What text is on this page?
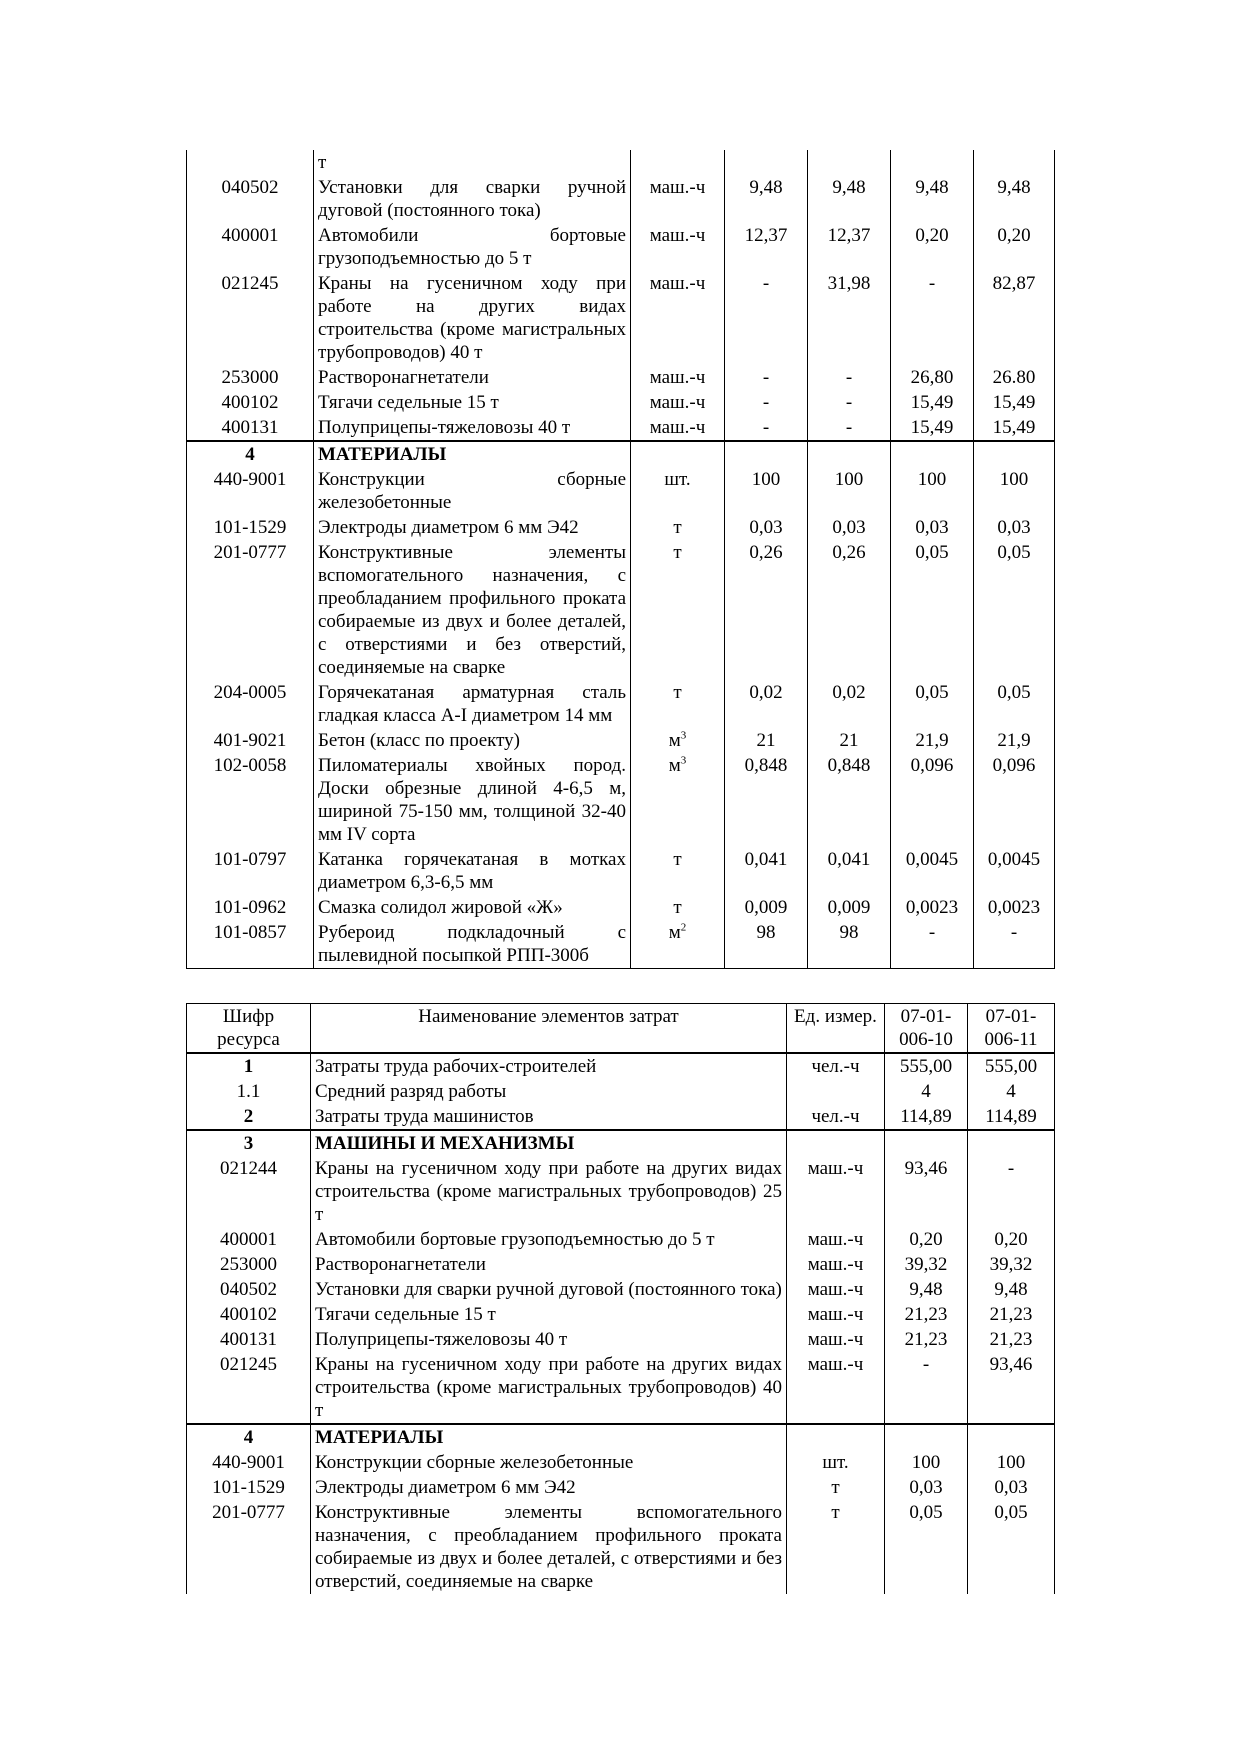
	т					
040502	Установки для сварки ручной дуговой (постоянного тока)	маш.-ч	9,48	9,48	9,48	9,48
400001	Автомобили бортовые грузоподъемностью до 5 т	маш.-ч	12,37	12,37	0,20	0,20
021245	Краны на гусеничном ходу при работе на других видах строительства (кроме магистральных трубопроводов) 40 т	маш.-ч	-	31,98	-	82,87
253000	Растворонагнетатели	маш.-ч	-	-	26,80	26.80
400102	Тягачи седельные 15 т	маш.-ч	-	-	15,49	15,49
400131	Полуприцепы-тяжеловозы 40 т	маш.-ч	-	-	15,49	15,49
4	МАТЕРИАЛЫ					
440-9001	Конструкции сборные железобетонные	шт.	100	100	100	100
101-1529	Электроды диаметром 6 мм Э42	т	0,03	0,03	0,03	0,03
201-0777	Конструктивные элементы вспомогательного назначения, с преобладанием профильного проката собираемые из двух и более деталей, с отверстиями и без отверстий, соединяемые на сварке	т	0,26	0,26	0,05	0,05
204-0005	Горячекатаная арматурная сталь гладкая класса А-I диаметром 14 мм	т	0,02	0,02	0,05	0,05
401-9021	Бетон (класс по проекту)	$м^3$	21	21	21,9	21,9
102-0058	Пиломатериалы хвойных пород. Доски обрезные длиной 4-6,5 м, шириной 75-150 мм, толщиной 32-40 мм IV сорта	$м^3$	0,848	0,848	0,096	0,096
101-0797	Катанка горячекатаная в мотках диаметром 6,3-6,5 мм	т	0,041	0,041	0,0045	0,0045
101-0962	Смазка солидол жировой «Ж»	т	0,009	0,009	0,0023	0,0023
101-0857	Рубероид подкладочный с пылевидной посыпкой РПП-300б	$м^2$	98	98	-	-
Шифр ресурса	Наименование элементов затрат	Ед. измер.	07-01-006-10	07-01-006-11
1	Затраты труда рабочих-строителей	чел.-ч	555,00	555,00
1.1	Средний разряд работы		4	4
2	Затраты труда машинистов	чел.-ч	114,89	114,89
3	МАШИНЫ И МЕХАНИЗМЫ			
021244	Краны на гусеничном ходу при работе на других видах строительства (кроме магистральных трубопроводов) 25 т	маш.-ч	93,46	-
400001	Автомобили бортовые грузоподъемностью до 5 т	маш.-ч	0,20	0,20
253000	Растворонагнетатели	маш.-ч	39,32	39,32
040502	Установки для сварки ручной дуговой (постоянного тока)	маш.-ч	9,48	9,48
400102	Тягачи седельные 15 т	маш.-ч	21,23	21,23
400131	Полуприцепы-тяжеловозы 40 т	маш.-ч	21,23	21,23
021245	Краны на гусеничном ходу при работе на других видах строительства (кроме магистральных трубопроводов) 40 т	маш.-ч	-	93,46
4	МАТЕРИАЛЫ			
440-9001	Конструкции сборные железобетонные	шт.	100	100
101-1529	Электроды диаметром 6 мм Э42	т	0,03	0,03
201-0777	Конструктивные элементы вспомогательного назначения, с преобладанием профильного проката собираемые из двух и более деталей, с отверстиями и без отверстий, соединяемые на сварке	т	0,05	0,05
